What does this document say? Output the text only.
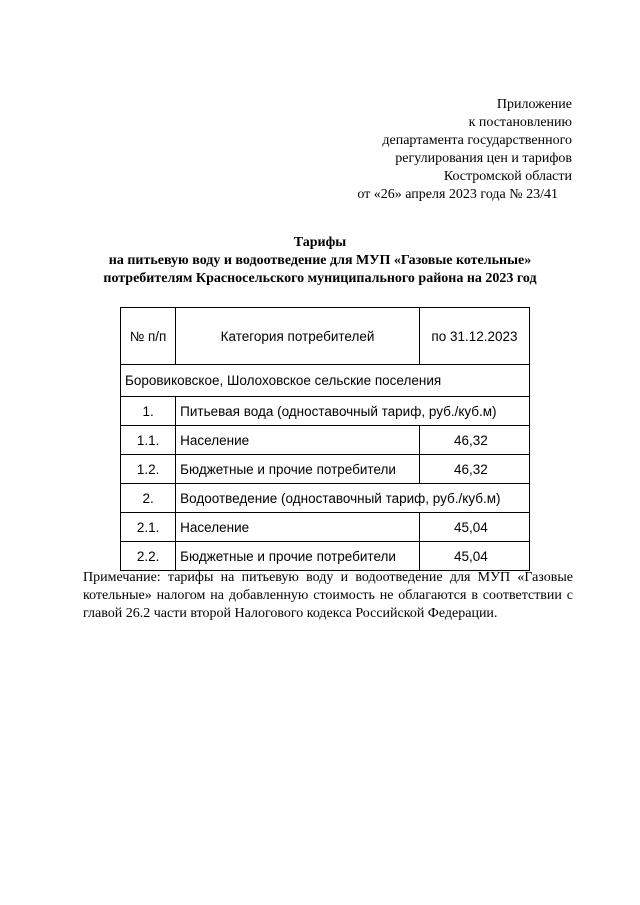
Приложение
к постановлению
департамента государственного
регулирования цен и тарифов
Костромской области
от «26» апреля 2023 года № 23/41
Тарифы
на питьевую воду и водоотведение для МУП «Газовые котельные»
потребителям Красносельского муниципального района на 2023 год
№ п/п	Категория потребителей	по 31.12.2023
Боровиковское, Шолоховское сельские поселения		
1.	Питьевая вода (одноставочный тариф, руб./куб.м)	
1.1.	Население	46,32
1.2.	Бюджетные и прочие потребители	46,32
2.	Водоотведение (одноставочный тариф, руб./куб.м)	
2.1.	Население	45,04
2.2.	Бюджетные и прочие потребители	45,04
Примечание: тарифы на питьевую воду и водоотведение для МУП «Газовые котельные» налогом на добавленную стоимость не облагаются в соответствии с главой 26.2 части второй Налогового кодекса Российской Федерации.
